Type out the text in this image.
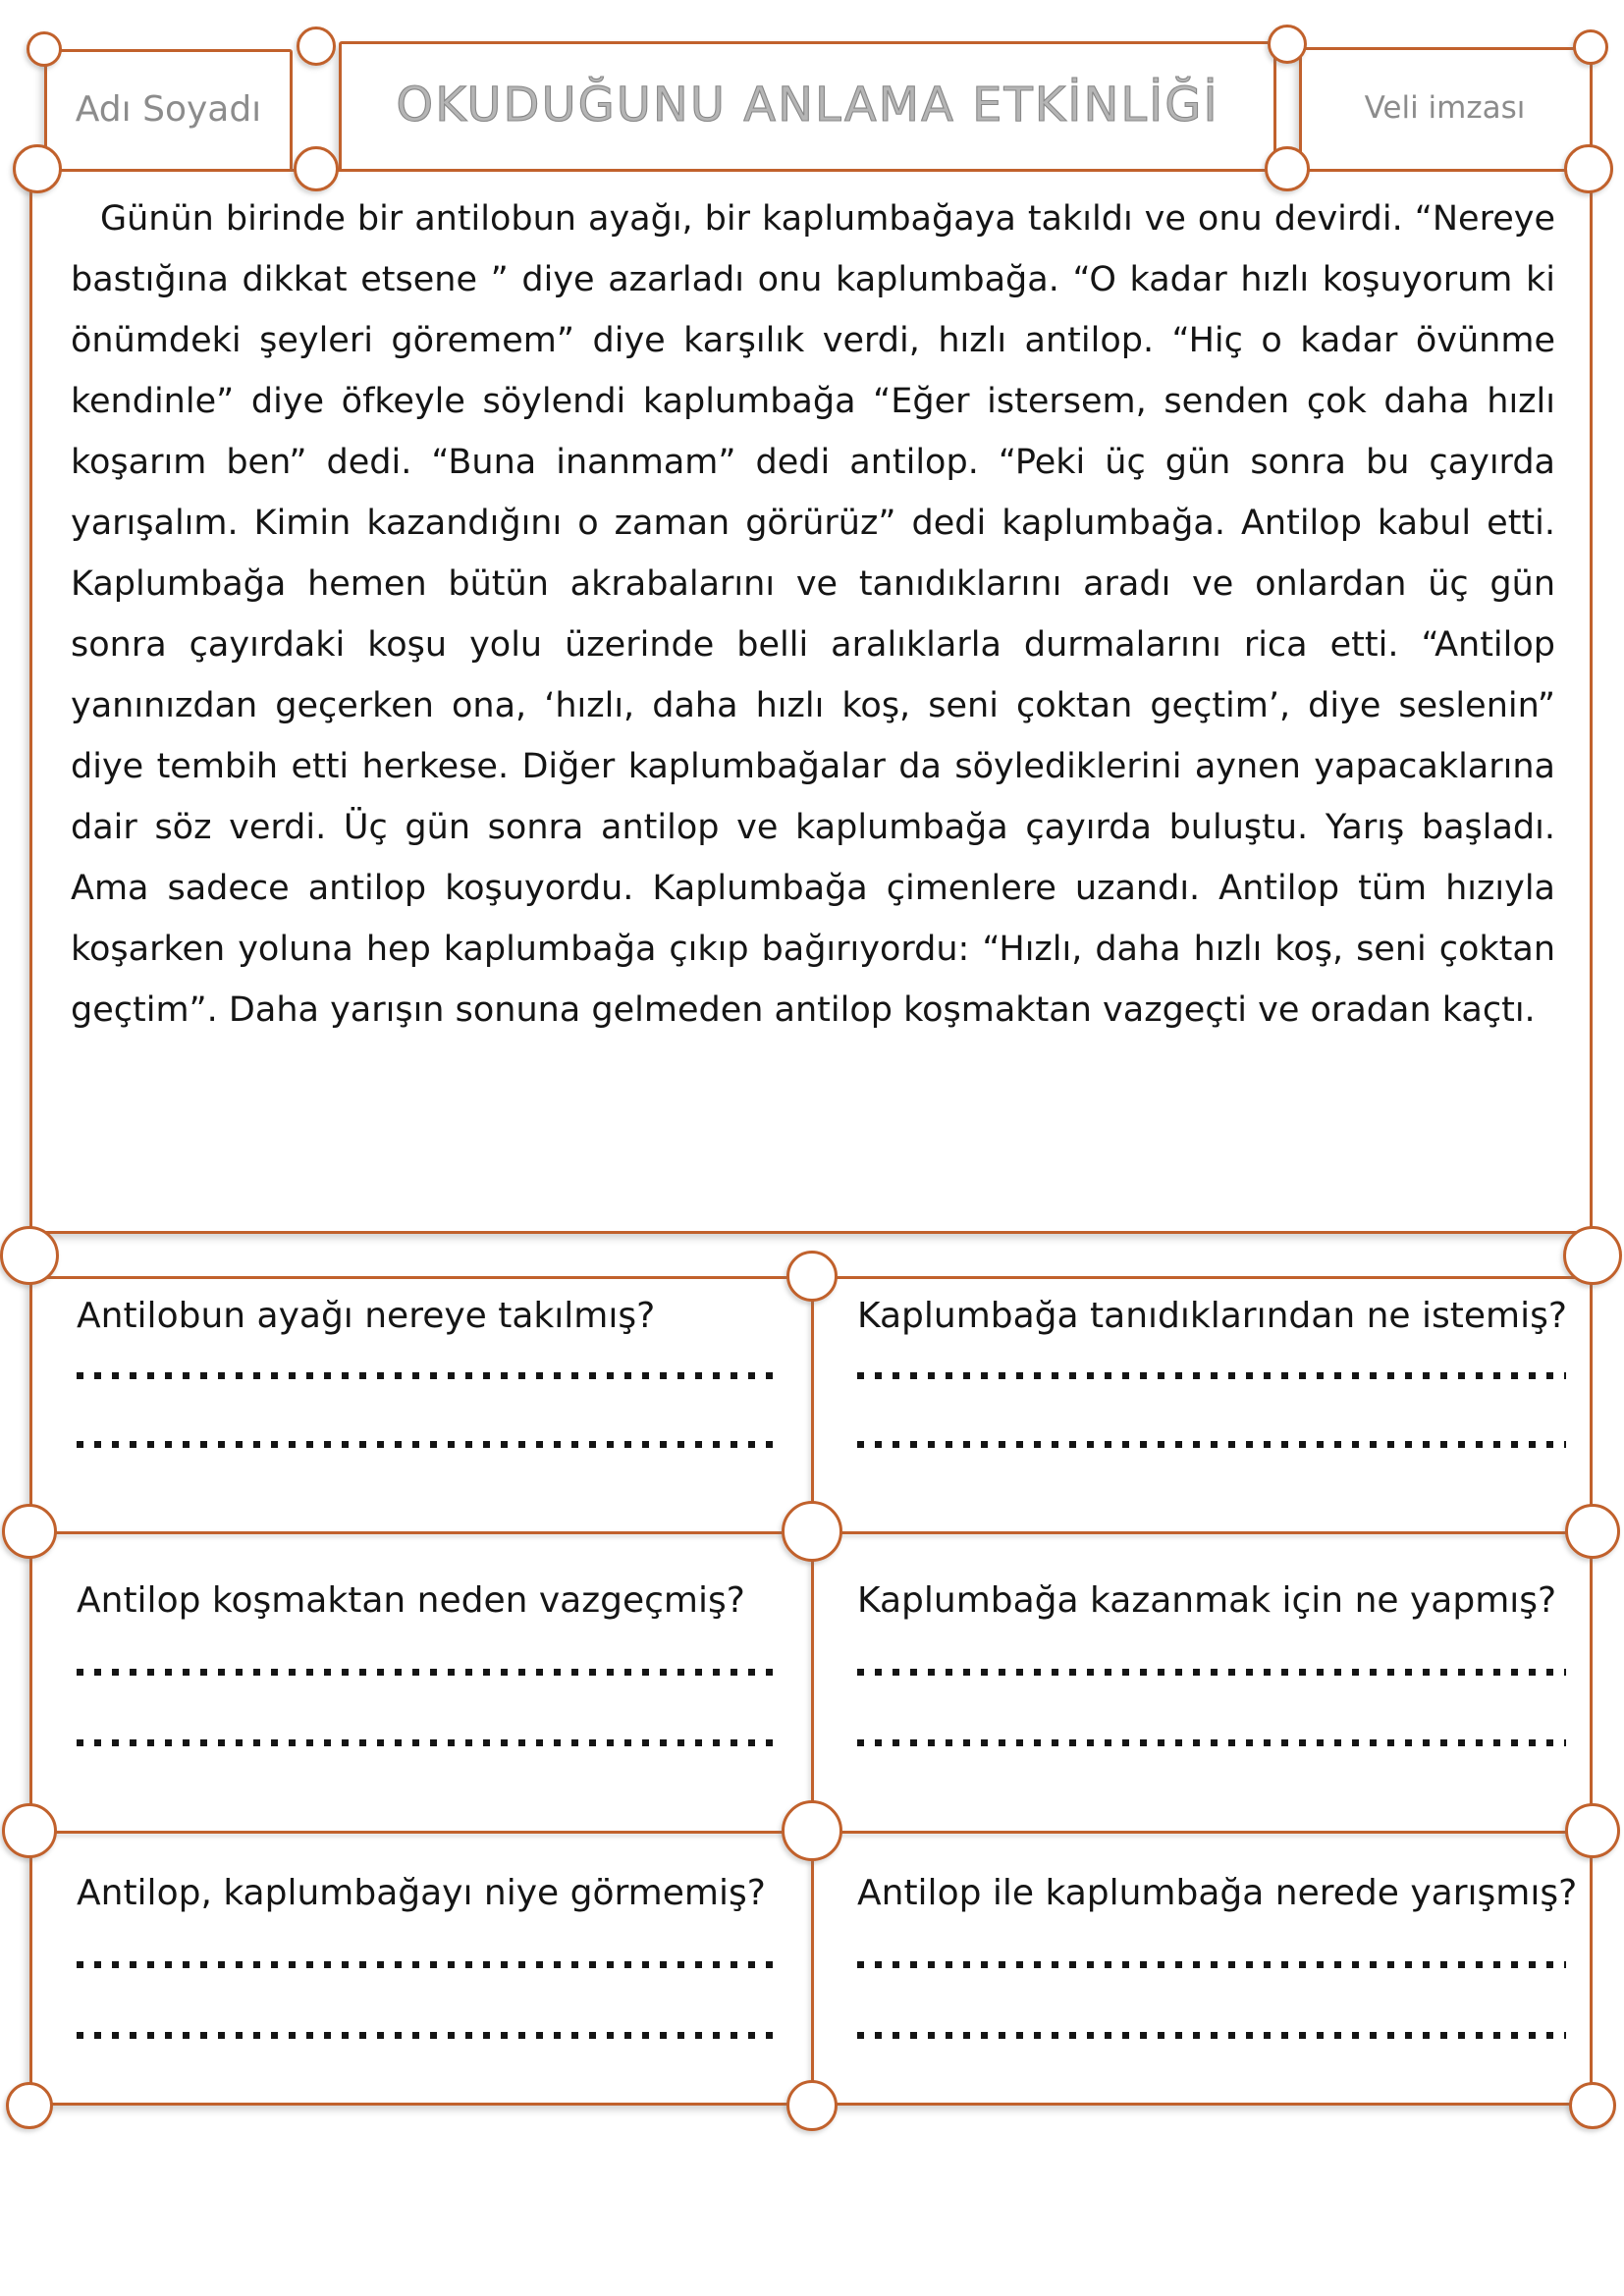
Adı Soyadı	OKUDUĞUNU ANLAMA ETKİNLİĞİ	Veli imzası
Günün birinde bir antilobun ayağı, bir kaplumbağaya takıldı ve onu devirdi. “Nereye bastığına dikkat etsene ” diye azarladı onu kaplumbağa. “O kadar hızlı koşuyorum ki önümdeki şeyleri göremem” diye karşılık verdi, hızlı antilop. “Hiç o kadar övünme kendinle” diye öfkeyle söylendi kaplumbağa “Eğer istersem, senden çok daha hızlı koşarım ben” dedi. “Buna inanmam” dedi antilop. “Peki üç gün sonra bu çayırda yarışalım. Kimin kazandığını o zaman görürüz” dedi kaplumbağa. Antilop kabul etti. Kaplumbağa hemen bütün akrabalarını ve tanıdıklarını aradı ve onlardan üç gün sonra çayırdaki koşu yolu üzerinde belli aralıklarla durmalarını rica etti. “Antilop yanınızdan geçerken ona, ‘hızlı, daha hızlı koş, seni çoktan geçtim’, diye seslenin” diye tembih etti herkese. Diğer kaplumbağalar da söylediklerini aynen yapacaklarına dair söz verdi. Üç gün sonra antilop ve kaplumbağa çayırda buluştu. Yarış başladı. Ama sadece antilop koşuyordu. Kaplumbağa çimenlere uzandı. Antilop tüm hızıyla koşarken yoluna hep kaplumbağa çıkıp bağırıyordu: “Hızlı, daha hızlı koş, seni çoktan geçtim”. Daha yarışın sonuna gelmeden antilop koşmaktan vazgeçti ve oradan kaçtı.
Antilobun ayağı nereye takılmış?	Kaplumbağa tanıdıklarından ne istemiş?
Antilop koşmaktan neden vazgeçmiş?	Kaplumbağa kazanmak için ne yapmış?
Antilop, kaplumbağayı niye görmemiş?	Antilop ile kaplumbağa nerede yarışmış?
